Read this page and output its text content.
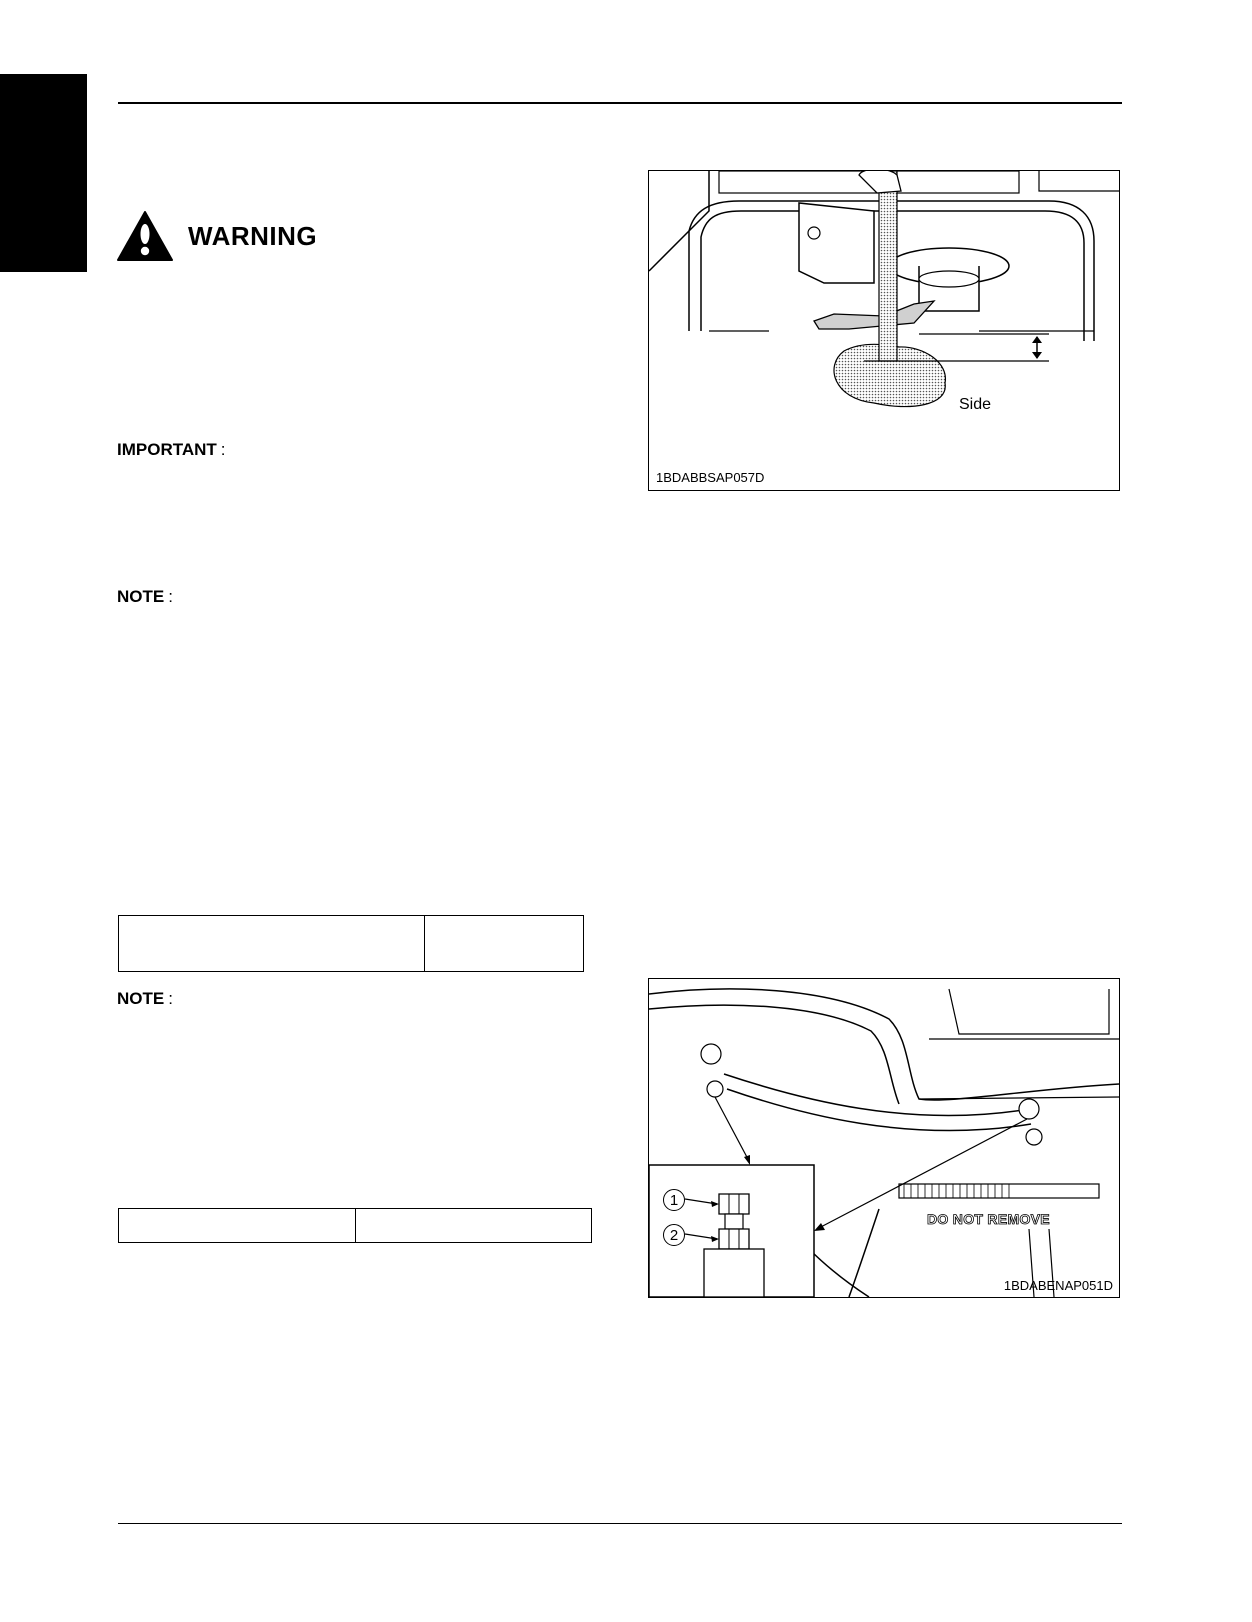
WARNING
IMPORTANT :
NOTE :

NOTE :

Side
1BDABBSAP057D
DO NOT REMOVE
1
2
1BDABENAP051D
